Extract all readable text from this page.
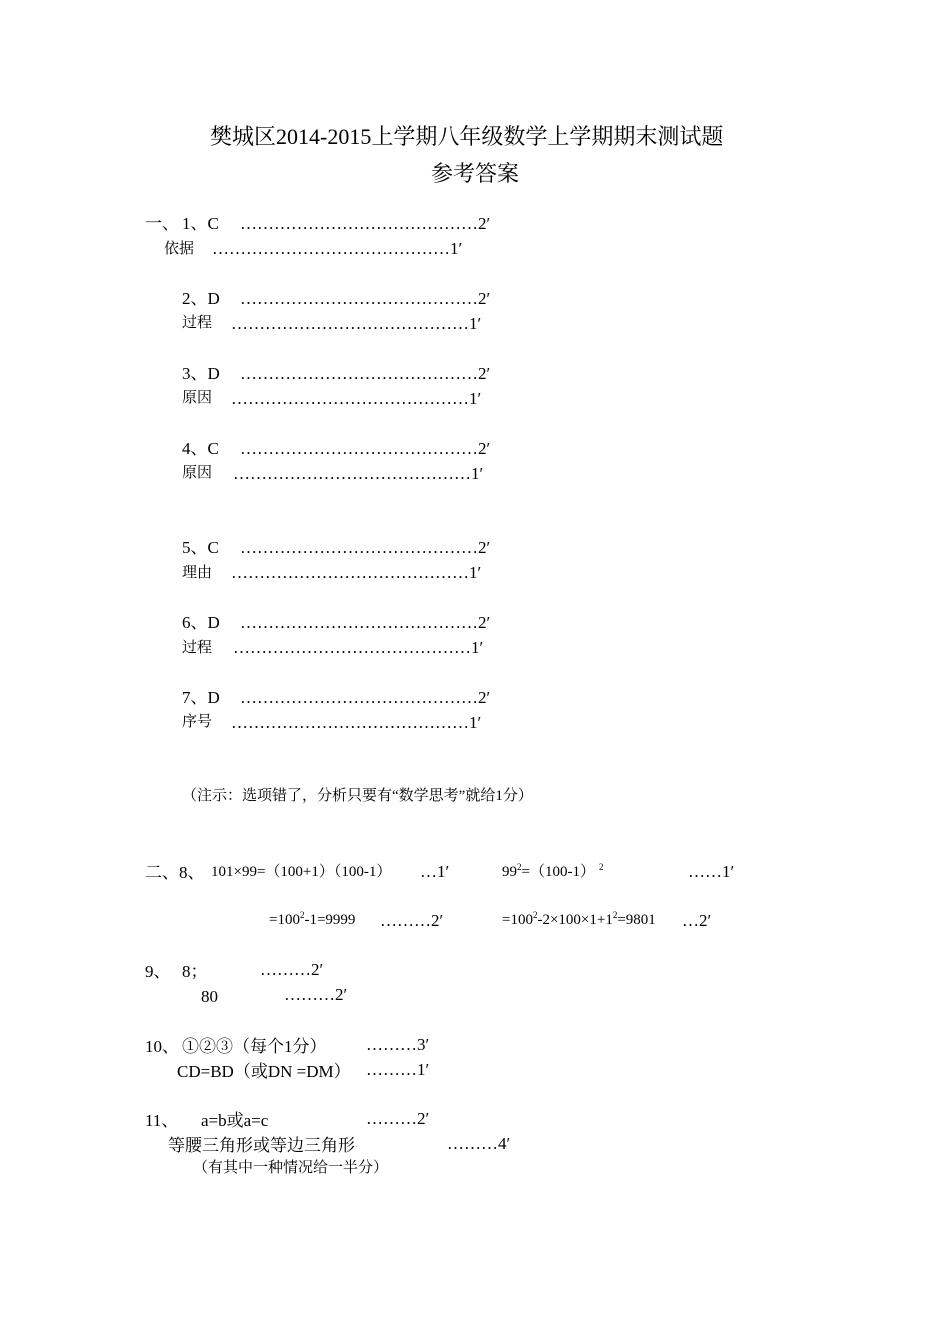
樊城区2014-2015上学期八年级数学上学期期末测试题
参考答案
一、 1、C ……………………………………2′
依据 ……………………………………1′
2、D ……………………………………2′
过程 ……………………………………1′
3、D ……………………………………2′
原因 ……………………………………1′
4、C ……………………………………2′
原因 ……………………………………1′
5、C ……………………………………2′
理由 ……………………………………1′
6、D ……………………………………2′
过程 ……………………………………1′
7、D ……………………………………2′
序号 ……………………………………1′
（注示：选项错了，分析只要有“数学思考”就给1分）
二、8、 101×99=（100+1）（100-1） …1′	$99^2=(100-1)$ $^2$	……1′
$=100^2-1=9999$ ………2′	$=100^2-2\times 100\times 1+1^2=9801$ …2′
9、 8；	………2′
80	………2′
10、 ①②③（每个1分） ………3′
CD=BD（或DN =DM） ………1′
11、 a=b或a=c	………2′
等腰三角形或等边三角形	………4′
（有其中一种情况给一半分）
